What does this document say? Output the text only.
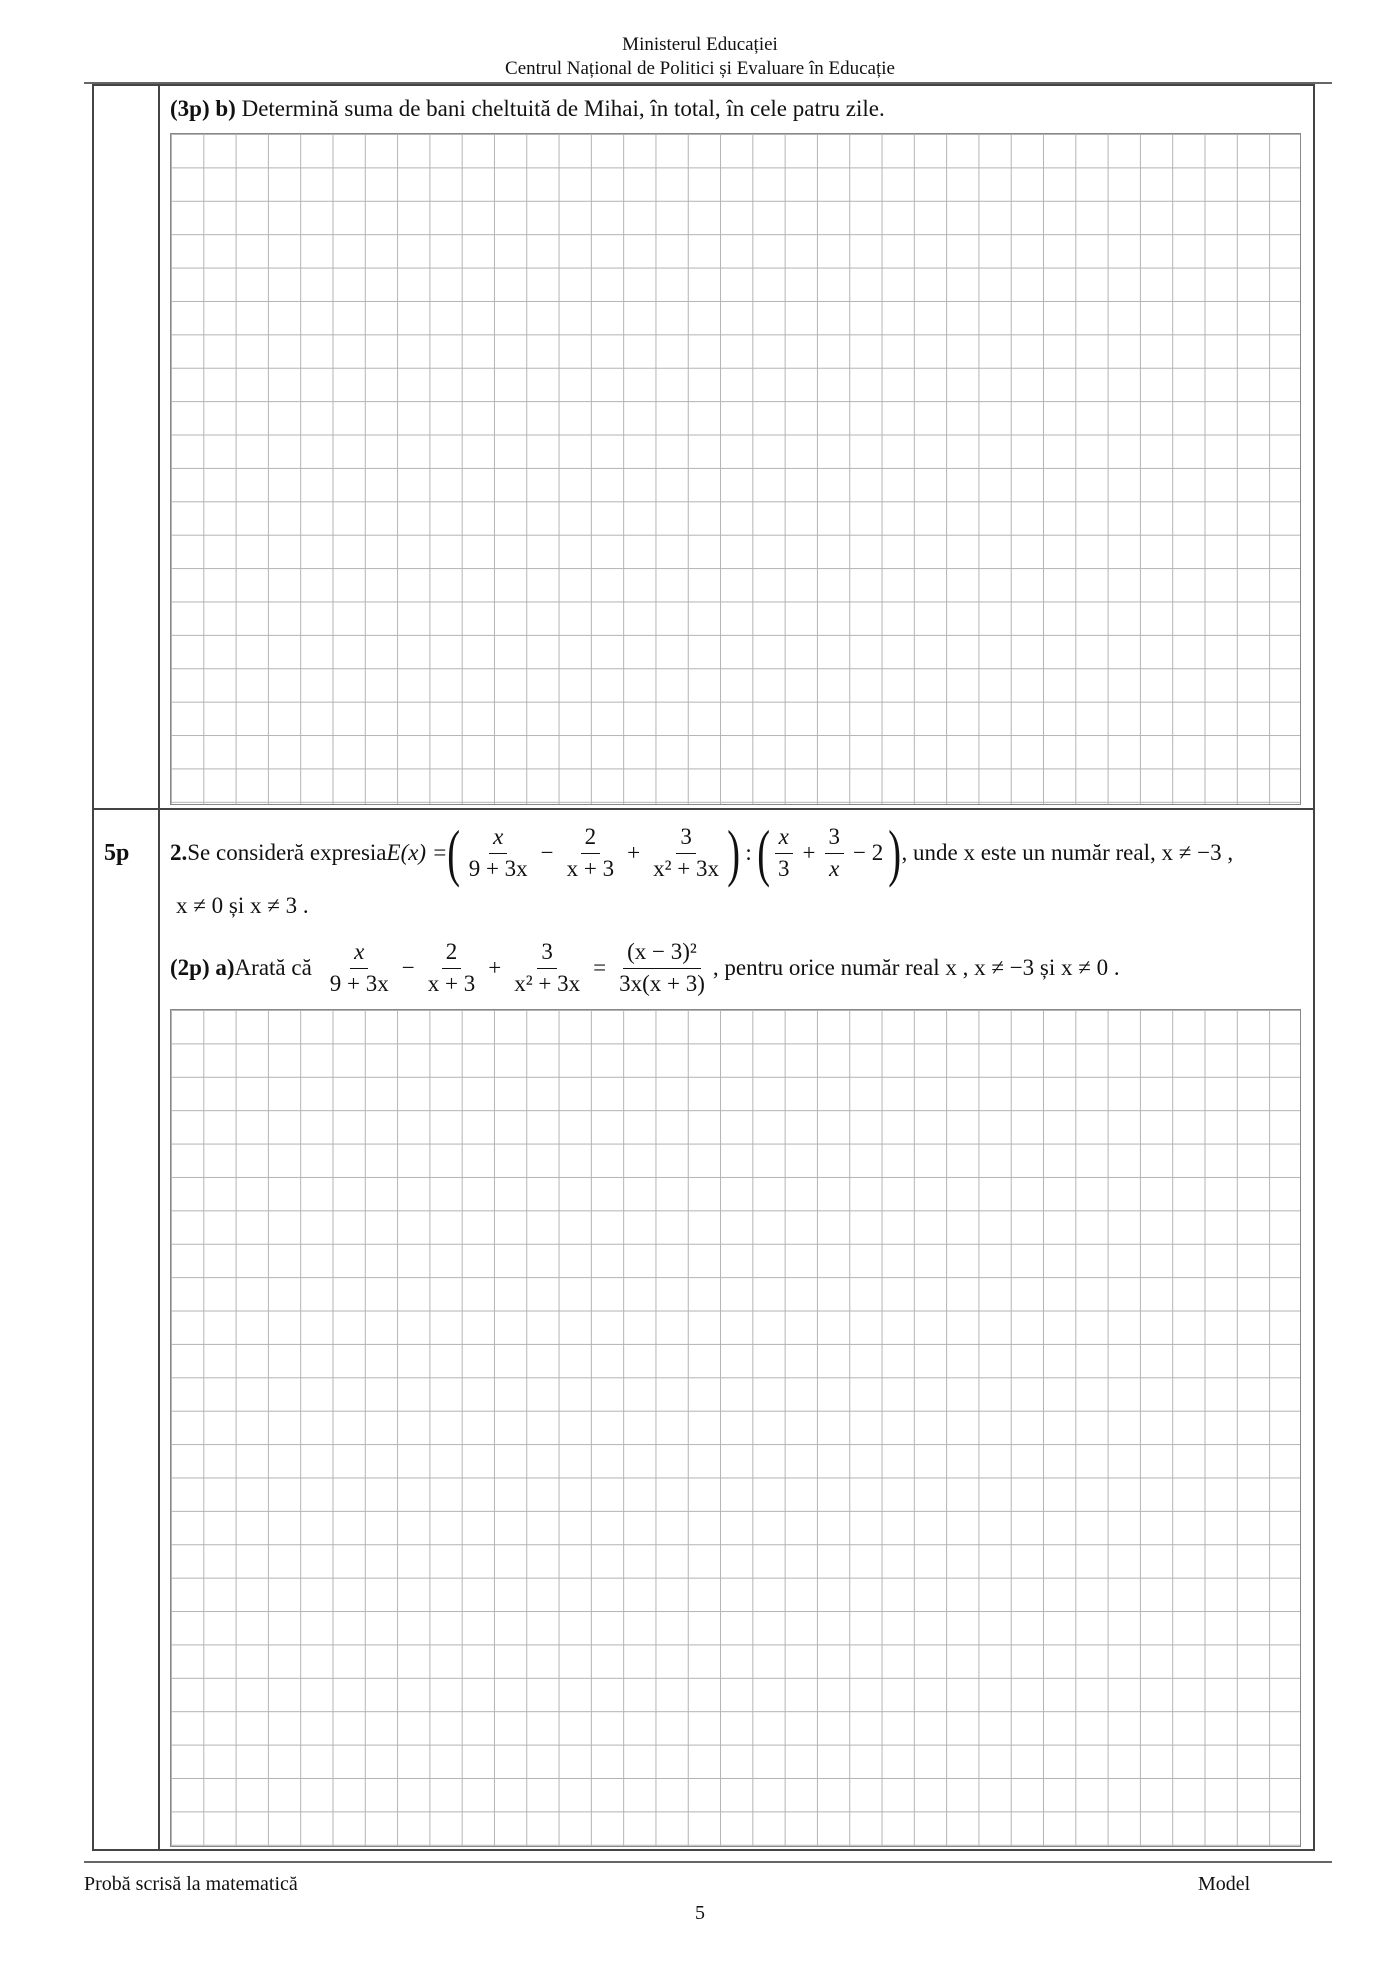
Ministerul Educației
Centrul Național de Politici și Evaluare în Educație
(3p) b) Determină suma de bani cheltuită de Mihai, în total, în cele patru zile.
5p 2. Se consideră expresia E(x) = ( $\frac{x}{9 + 3x} - \frac{2}{x + 3} + \frac{3}{\text{x² + 3x}}$ ) : ( $\frac{x}{3} + \frac{3}{x} - 2$ ) , unde x este un număr real, x ≠ −3 ,
x ≠ 0 și x ≠ 3 .
(2p)
a) Arată că $\frac{x}{9 + 3x} - \frac{2}{x + 3} + \frac{3}{\text{x² + 3x}} = \frac{\text{(x − 3)²}}{3x(x + 3)}$ , pentru orice număr real x , x ≠ −3 și x ≠ 0 .
Probă scrisă la matematică	Model
5
